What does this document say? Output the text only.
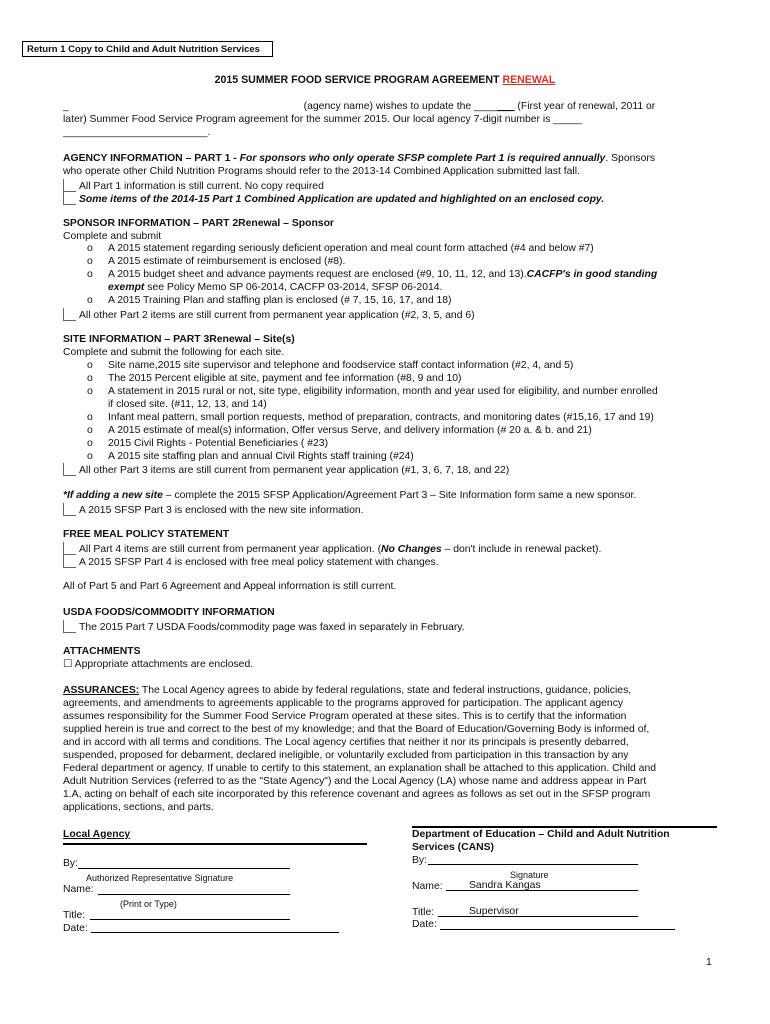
Return 1 Copy to Child and Adult Nutrition Services
2015 SUMMER FOOD SERVICE PROGRAM AGREEMENT RENEWAL
_	(agency name) wishes to update the _______ (First year of renewal, 2011 or
later) Summer Food Service Program agreement for the summer 2015. Our local agency 7-digit number is _____
_________________________.
AGENCY INFORMATION – PART 1 - For sponsors who only operate SFSP complete Part 1 is required annually. Sponsors
who operate other Child Nutrition Programs should refer to the 2013-14 Combined Application submitted last fall.
All Part 1 information is still current. No copy required
Some items of the 2014-15 Part 1 Combined Application are updated and highlighted on an enclosed copy.
SPONSOR INFORMATION – PART 2Renewal – Sponsor
Complete and submit
o A 2015 statement regarding seriously deficient operation and meal count form attached (#4 and below #7)
o A 2015 estimate of reimbursement is enclosed (#8).
o A 2015 budget sheet and advance payments request are enclosed (#9, 10, 11, 12, and 13).CACFP's in good standing
exempt see Policy Memo SP 06-2014, CACFP 03-2014, SFSP 06-2014.
o A 2015 Training Plan and staffing plan is enclosed (# 7, 15, 16, 17, and 18)
All other Part 2 items are still current from permanent year application (#2, 3, 5, and 6)
SITE INFORMATION – PART 3Renewal – Site(s)
Complete and submit the following for each site.
o Site name,2015 site supervisor and telephone and foodservice staff contact information (#2, 4, and 5)
o The 2015 Percent eligible at site, payment and fee information (#8, 9 and 10)
o A statement in 2015 rural or not, site type, eligibility information, month and year used for eligibility, and number enrolled
if closed site. (#11, 12, 13, and 14)
o Infant meal pattern, small portion requests, method of preparation, contracts, and monitoring dates (#15,16, 17 and 19)
o A 2015 estimate of meal(s) information, Offer versus Serve, and delivery information (# 20 a. & b. and 21)
o 2015 Civil Rights - Potential Beneficiaries ( #23)
o A 2015 site staffing plan and annual Civil Rights staff training (#24)
All other Part 3 items are still current from permanent year application (#1, 3, 6, 7, 18, and 22)
*If adding a new site – complete the 2015 SFSP Application/Agreement Part 3 – Site Information form same a new sponsor.
A 2015 SFSP Part 3 is enclosed with the new site information.
FREE MEAL POLICY STATEMENT
All Part 4 items are still current from permanent year application. (No Changes – don't include in renewal packet).
A 2015 SFSP Part 4 is enclosed with free meal policy statement with changes.
All of Part 5 and Part 6 Agreement and Appeal information is still current.
USDA FOODS/COMMODITY INFORMATION
The 2015 Part 7 USDA Foods/commodity page was faxed in separately in February.
ATTACHMENTS
☐ Appropriate attachments are enclosed.
ASSURANCES: The Local Agency agrees to abide by federal regulations, state and federal instructions, guidance, policies,
agreements, and amendments to agreements applicable to the programs approved for participation. The applicant agency
assumes responsibility for the Summer Food Service Program operated at these sites. This is to certify that the information
supplied herein is true and correct to the best of my knowledge; and that the Board of Education/Governing Body is informed of,
and in accord with all terms and conditions. The Local agency certifies that neither it nor its principals is presently debarred,
suspended, proposed for debarment, declared ineligible, or voluntarily excluded from participation in this transaction by any
Federal department or agency. If unable to certify to this statement, an explanation shall be attached to this application. Child and
Adult Nutrition Services (referred to as the "State Agency") and the Local Agency (LA) whose name and address appear in Part
1.A, acting on behalf of each site incorporated by this reference covenant and agrees as follows as set out in the SFSP program
applications, sections, and parts.
Local Agency
By:
Authorized Representative Signature
Name:
(Print or Type)
Title:
Date:
Department of Education – Child and Adult Nutrition
Services (CANS)
By:
Signature
Name:	Sandra Kangas
Title:	Supervisor
Date:
1
